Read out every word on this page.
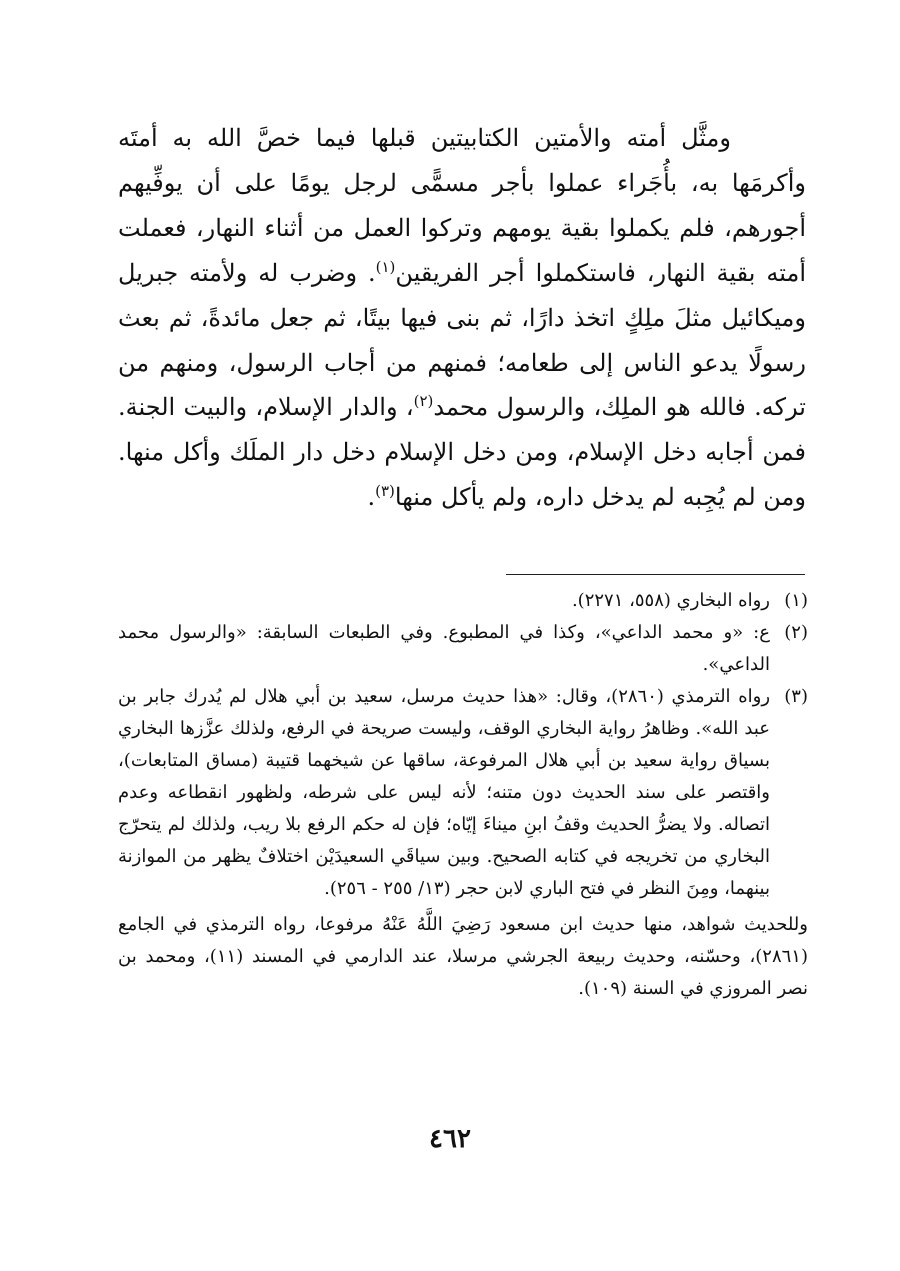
ومثَّل أمته والأمتين الكتابيتين قبلها فيما خصَّ الله به أمتَه وأكرمَها به، بأُجَراء عملوا بأجر مسمًّى لرجل يومًا على أن يوفِّيهم أجورهم، فلم يكملوا بقية يومهم وتركوا العمل من أثناء النهار، فعملت أمته بقية النهار، فاستكملوا أجر الفريقين$^{(١)}$. وضرب له ولأمته جبريل وميكائيل مثلَ ملِكٍ اتخذ دارًا، ثم بنى فيها بيتًا، ثم جعل مائدةً، ثم بعث رسولًا يدعو الناس إلى طعامه؛ فمنهم من أجاب الرسول، ومنهم من تركه. فالله هو الملِك، والرسول محمد$^{(٢)}$، والدار الإسلام، والبيت الجنة. فمن أجابه دخل الإسلام، ومن دخل الإسلام دخل دار الملَك وأكل منها. ومن لم يُجِبه لم يدخل داره، ولم يأكل منها$^{(٣)}$.

(١)
رواه البخاري (٥٥٨، ٢٢٧١).
(٢)
ع: «و محمد الداعي»، وكذا في المطبوع. وفي الطبعات السابقة: «والرسول محمد الداعي».
(٣)
رواه الترمذي (٢٨٦٠)، وقال: «هذا حديث مرسل، سعيد بن أبي هلال لم يُدرك جابر بن عبد الله». وظاهرُ رواية البخاري الوقف، وليست صريحة في الرفع، ولذلك عزَّزها البخاري بسياق رواية سعيد بن أبي هلال المرفوعة، ساقها عن شيخهما قتيبة (مساق المتابعات)، واقتصر على سند الحديث دون متنه؛ لأنه ليس على شرطه، ولظهور انقطاعه وعدم اتصاله. ولا يضرُّ الحديث وقفُ ابنِ ميناءَ إيّاه؛ فإن له حكم الرفع بلا ريب، ولذلك لم يتحرّج البخاري من تخريجه في كتابه الصحيح. وبين سياقَي السعيدَيْن اختلافٌ يظهر من الموازنة بينهما، ومِنَ النظر في فتح الباري لابن حجر (١٣/ ٢٥٥ - ٢٥٦).

وللحديث شواهد، منها حديث ابن مسعود رَضِيَ اللَّهُ عَنْهُ مرفوعا، رواه الترمذي في الجامع (٢٨٦١)، وحسّنه، وحديث ربيعة الجرشي مرسلا، عند الدارمي في المسند (١١)، ومحمد بن نصر المروزي في السنة (١٠٩).

٤٦٢
